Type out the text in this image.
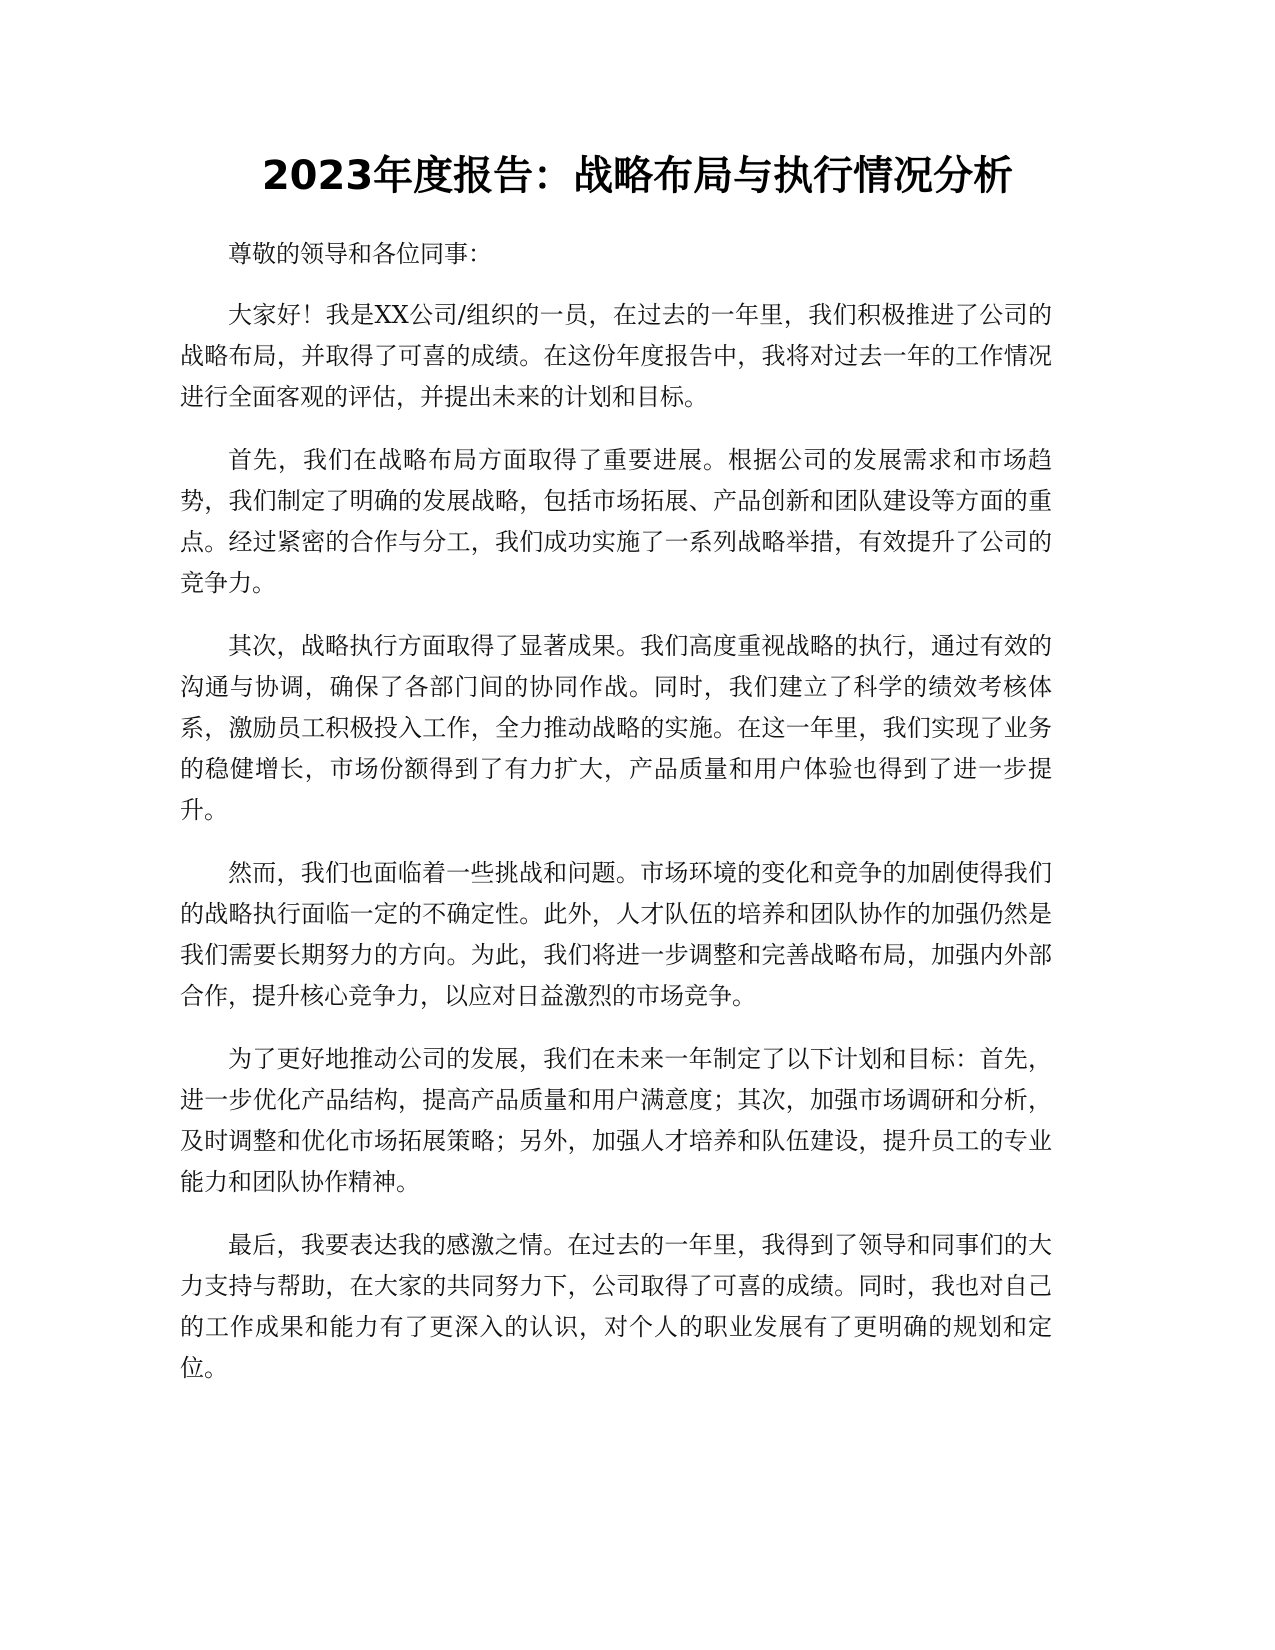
2023年度报告：战略布局与执行情况分析

尊敬的领导和各位同事：

大家好！我是XX公司/组织的一员，在过去的一年里，我们积极推进了公司的战略布局，并取得了可喜的成绩。在这份年度报告中，我将对过去一年的工作情况进行全面客观的评估，并提出未来的计划和目标。

首先，我们在战略布局方面取得了重要进展。根据公司的发展需求和市场趋势，我们制定了明确的发展战略，包括市场拓展、产品创新和团队建设等方面的重点。经过紧密的合作与分工，我们成功实施了一系列战略举措，有效提升了公司的竞争力。

其次，战略执行方面取得了显著成果。我们高度重视战略的执行，通过有效的沟通与协调，确保了各部门间的协同作战。同时，我们建立了科学的绩效考核体系，激励员工积极投入工作，全力推动战略的实施。在这一年里，我们实现了业务的稳健增长，市场份额得到了有力扩大，产品质量和用户体验也得到了进一步提升。

然而，我们也面临着一些挑战和问题。市场环境的变化和竞争的加剧使得我们的战略执行面临一定的不确定性。此外，人才队伍的培养和团队协作的加强仍然是我们需要长期努力的方向。为此，我们将进一步调整和完善战略布局，加强内外部合作，提升核心竞争力，以应对日益激烈的市场竞争。

为了更好地推动公司的发展，我们在未来一年制定了以下计划和目标：首先，进一步优化产品结构，提高产品质量和用户满意度；其次，加强市场调研和分析，及时调整和优化市场拓展策略；另外，加强人才培养和队伍建设，提升员工的专业能力和团队协作精神。

最后，我要表达我的感激之情。在过去的一年里，我得到了领导和同事们的大力支持与帮助，在大家的共同努力下，公司取得了可喜的成绩。同时，我也对自己的工作成果和能力有了更深入的认识，对个人的职业发展有了更明确的规划和定位。
